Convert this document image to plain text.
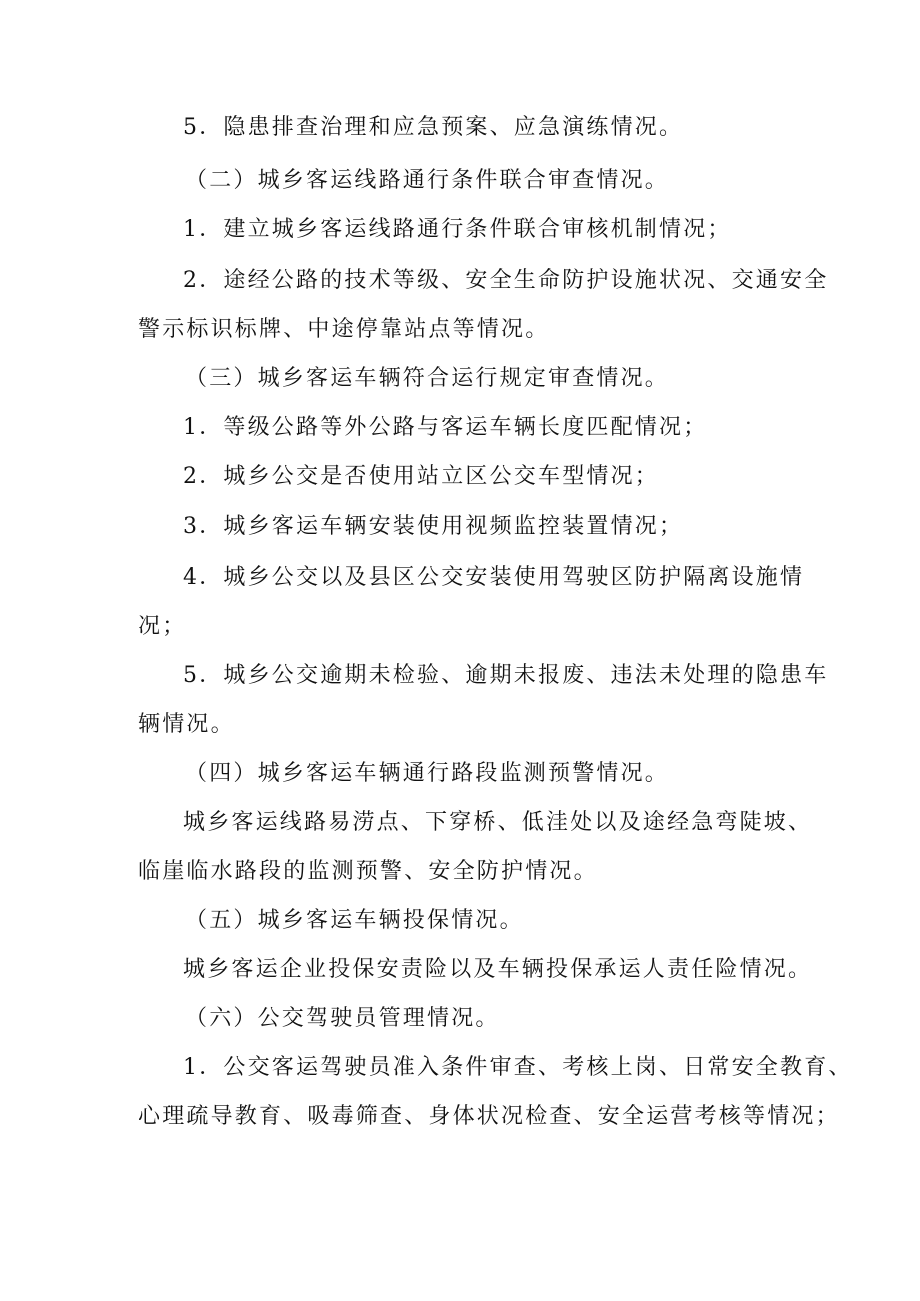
5．隐患排查治理和应急预案、应急演练情况。
（二）城乡客运线路通行条件联合审查情况。
1．建立城乡客运线路通行条件联合审核机制情况；
2．途经公路的技术等级、安全生命防护设施状况、交通安全
警示标识标牌、中途停靠站点等情况。
（三）城乡客运车辆符合运行规定审查情况。
1．等级公路等外公路与客运车辆长度匹配情况；
2．城乡公交是否使用站立区公交车型情况；
3．城乡客运车辆安装使用视频监控装置情况；
4．城乡公交以及县区公交安装使用驾驶区防护隔离设施情
况；
5．城乡公交逾期未检验、逾期未报废、违法未处理的隐患车
辆情况。
（四）城乡客运车辆通行路段监测预警情况。
城乡客运线路易涝点、下穿桥、低洼处以及途经急弯陡坡、
临崖临水路段的监测预警、安全防护情况。
（五）城乡客运车辆投保情况。
城乡客运企业投保安责险以及车辆投保承运人责任险情况。
（六）公交驾驶员管理情况。
1．公交客运驾驶员准入条件审查、考核上岗、日常安全教育、
心理疏导教育、吸毒筛查、身体状况检查、安全运营考核等情况；
